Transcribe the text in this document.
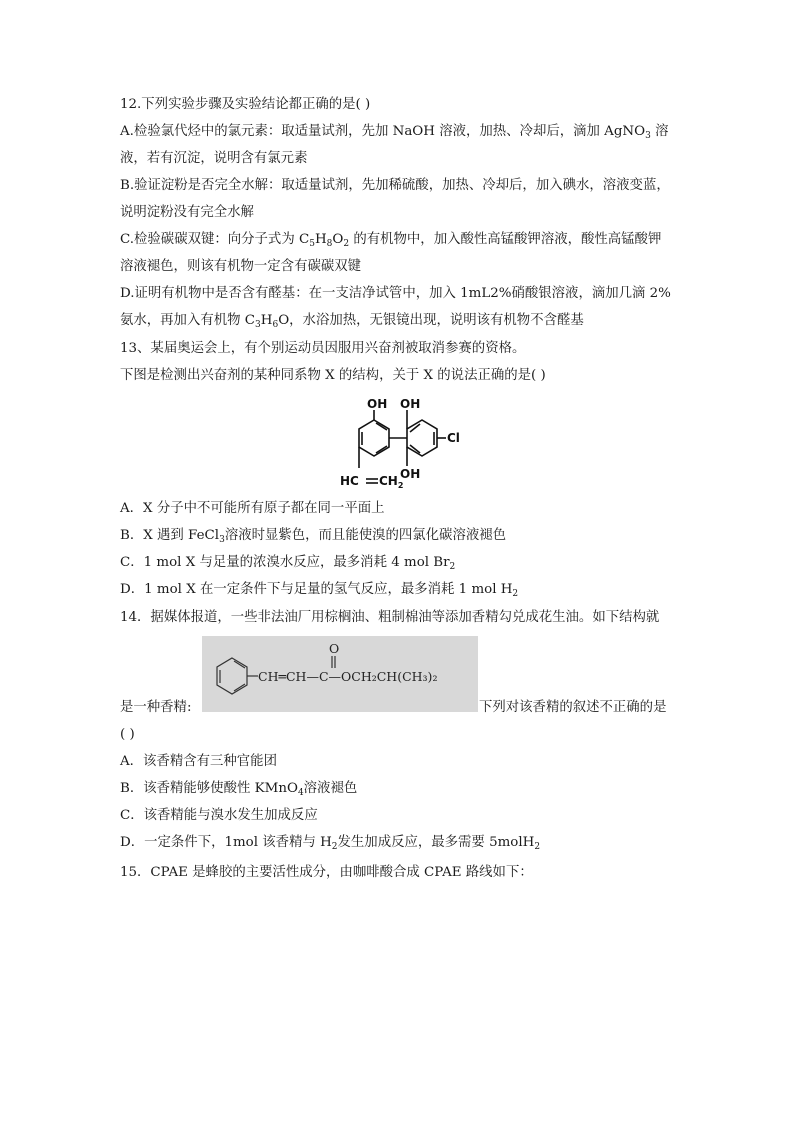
12.下列实验步骤及实验结论都正确的是( )
A.检验氯代烃中的氯元素：取适量试剂，先加 NaOH 溶液，加热、冷却后，滴加 AgNO$_3$ 溶
液，若有沉淀，说明含有氯元素
B.验证淀粉是否完全水解：取适量试剂，先加稀硫酸，加热、冷却后，加入碘水，溶液变蓝，
说明淀粉没有完全水解
C.检验碳碳双键：向分子式为 $C_5H_8O_2$ 的有机物中，加入酸性高锰酸钾溶液，酸性高锰酸钾
溶液褪色，则该有机物一定含有碳碳双键
D.证明有机物中是否含有醛基：在一支洁净试管中，加入 1mL2%硝酸银溶液，滴加几滴 2%
氨水，再加入有机物 $C_3H_6O$，水浴加热，无银镜出现，说明该有机物不含醛基
13、某届奥运会上，有个别运动员因服用兴奋剂被取消参赛的资格。
下图是检测出兴奋剂的某种同系物 X 的结构，关于 X 的说法正确的是( )
OH OH
OH
Cl
HC $CH_2$
A．X 分子中不可能所有原子都在同一平面上
B．X 遇到 FeCl$_3$溶液时显紫色，而且能使溴的四氯化碳溶液褪色
C．1 mol X 与足量的浓溴水反应，最多消耗 4 mol $Br_2$
D．1 mol X 在一定条件下与足量的氢气反应，最多消耗 1 mol $H_2$
14．据媒体报道，一些非法油厂用棕榈油、粗制棉油等添加香精勾兑成花生油。如下结构就
CH═CH—C—OCH₂CH(CH₃)₂
O
是一种香精:	下列对该香精的叙述不正确的是
( )
A．该香精含有三种官能团
B．该香精能够使酸性 KMnO$_4$溶液褪色
C．该香精能与溴水发生加成反应
D．一定条件下，1mol 该香精与 $H_2$发生加成反应，最多需要 5molH$_2$
15．CPAE 是蜂胶的主要活性成分，由咖啡酸合成 CPAE 路线如下：
